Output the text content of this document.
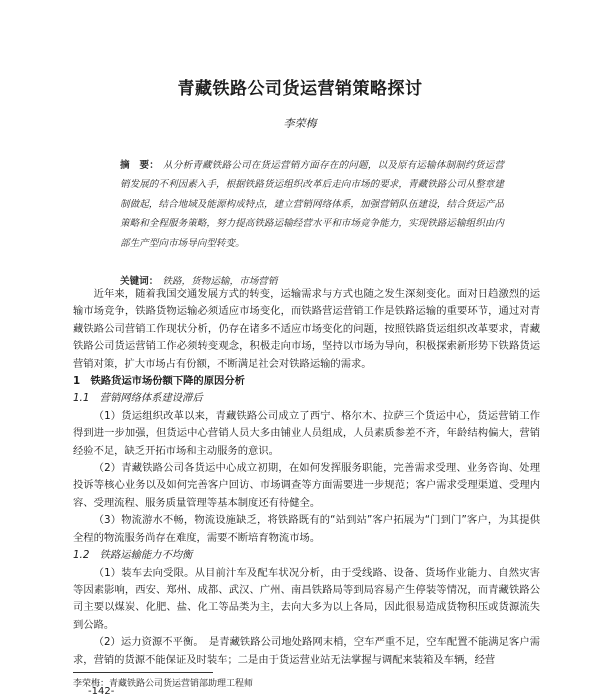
青藏铁路公司货运营销策略探讨
李荣梅
摘　要： 从分析青藏铁路公司在货运营销方面存在的问题，以及原有运输体制制约货运营销发展的不利因素入手，根据铁路货运组织改革后走向市场的要求，青藏铁路公司从整章建制做起，结合地域及能源构成特点，建立营销网络体系，加强营销队伍建设，结合货运产品策略和全程服务策略，努力提高铁路运输经营水平和市场竞争能力，实现铁路运输组织由内部生产型向市场导向型转变。
关键词： 铁路，货物运输，市场营销

近年来，随着我国交通发展方式的转变，运输需求与方式也随之发生深刻变化。面对日趋激烈的运输市场竞争，铁路货物运输必须适应市场变化，而铁路营运营销工作是铁路运输的重要环节，通过对青藏铁路公司营销工作现状分析，仍存在诸多不适应市场变化的问题，按照铁路货运组织改革要求，青藏铁路公司货运营销工作必须转变观念，积极走向市场，坚持以市场为导向，积极探索新形势下铁路货运营销对策，扩大市场占有份额，不断满足社会对铁路运输的需求。

1　铁路货运市场份额下降的原因分析

1.1　营销网络体系建设滞后

（1）货运组织改革以来，青藏铁路公司成立了西宁、格尔木、拉萨三个货运中心，货运营销工作得到进一步加强，但货运中心营销人员大多由铺业人员组成，人员素质参差不齐，年龄结构偏大，营销经验不足，缺乏开拓市场和主动服务的意识。

（2）青藏铁路公司各货运中心成立初期，在如何发挥服务职能，完善需求受理、业务咨询、处理投诉等核心业务以及如何完善客户回访、市场调查等方面需要进一步规范；客户需求受理渠道、受理内容、受理流程、服务质量管理等基本制度还有待健全。

（3）物流游水不畅，物流设施缺乏，将铁路既有的“站到站”客户拓展为“门到门”客户，为其提供全程的物流服务尚存在难度，需要不断培育物流市场。

1.2　铁路运输能力不均衡

（1）装车去向受限。从目前汁车及配车状况分析，由于受线路、设备、货场作业能力、自然灾害等因素影响，西安、郑州、成都、武汉、广州、南昌铁路局等到局容易产生停装等情况，而青藏铁路公司主要以煤炭、化肥、盐、化工等品类为主，去向大多为以上各局，因此很易造成货物积压或货源流失到公路。

（2）运力资源不平衡。　是青藏铁路公司地处路网末梢，空车严重不足，空车配置不能满足客户需求，营销的货源不能保证及时装车；二是由于货运营业站无法掌握与调配来装箱及车辆，经营

李荣梅：青藏铁路公司货运营销部助理工程师
-142-
